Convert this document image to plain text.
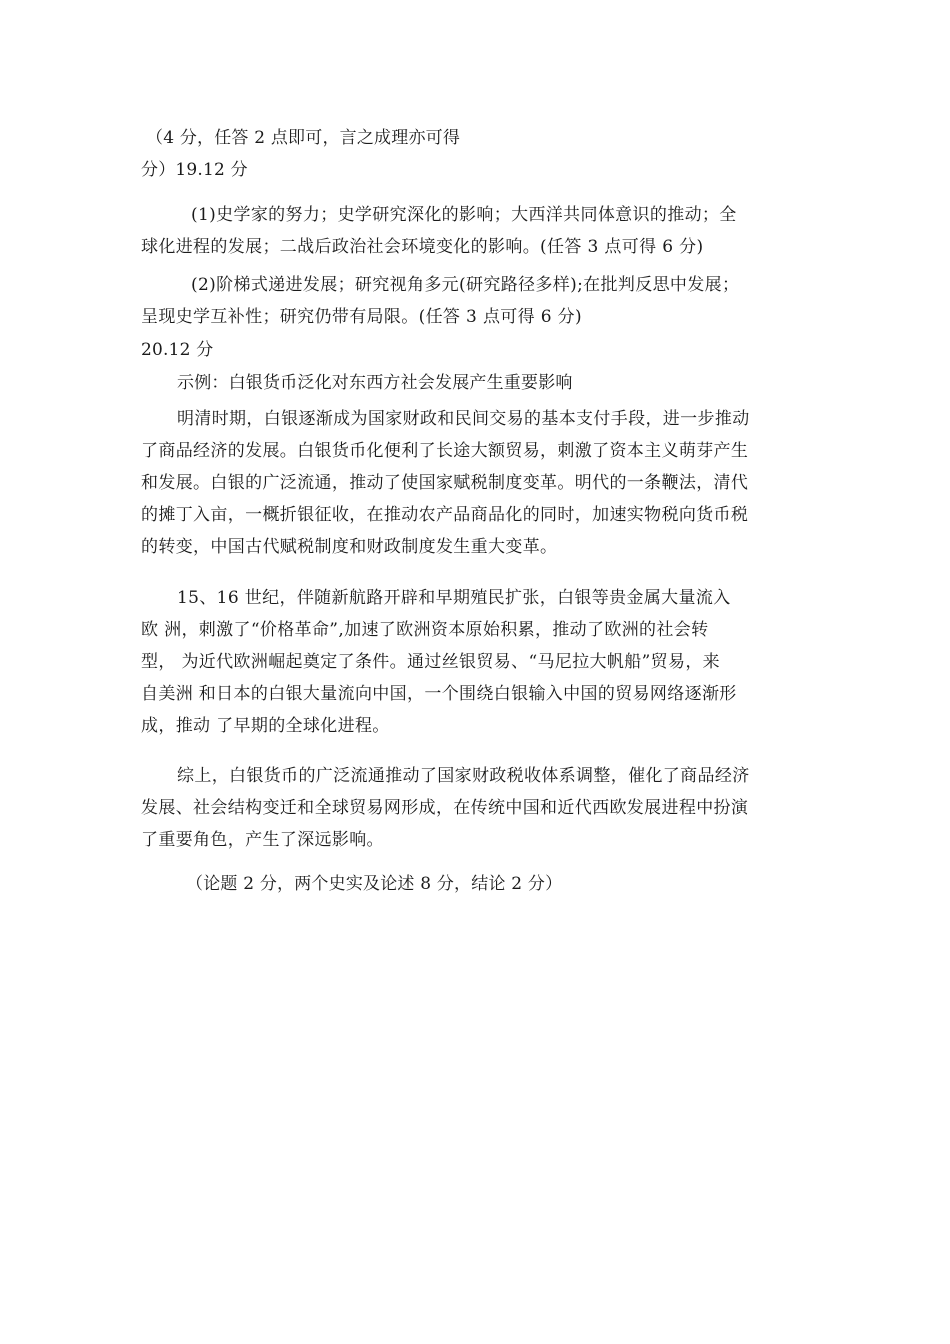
（4 分，任答 2 点即可，言之成理亦可得
分）19.12 分
(1)史学家的努力；史学研究深化的影响；大西洋共同体意识的推动；全
球化进程的发展；二战后政治社会环境变化的影响。(任答 3 点可得 6 分)
(2)阶梯式递进发展；研究视角多元(研究路径多样);在批判反思中发展；
呈现史学互补性；研究仍带有局限。(任答 3 点可得 6 分)
20.12 分
示例：白银货币泛化对东西方社会发展产生重要影响
明清时期，白银逐渐成为国家财政和民间交易的基本支付手段，进一步推动
了商品经济的发展。白银货币化便利了长途大额贸易，刺激了资本主义萌芽产生
和发展。白银的广泛流通，推动了使国家赋税制度变革。明代的一条鞭法，清代
的摊丁入亩，一概折银征收，在推动农产品商品化的同时，加速实物税向货币税
的转变，中国古代赋税制度和财政制度发生重大变革。
15、16 世纪，伴随新航路开辟和早期殖民扩张，白银等贵金属大量流入
欧 洲，刺激了“价格革命”,加速了欧洲资本原始积累，推动了欧洲的社会转
型， 为近代欧洲崛起奠定了条件。通过丝银贸易、“马尼拉大帆船”贸易，来
自美洲 和日本的白银大量流向中国，一个围绕白银输入中国的贸易网络逐渐形
成，推动 了早期的全球化进程。
综上，白银货币的广泛流通推动了国家财政税收体系调整，催化了商品经济
发展、社会结构变迁和全球贸易网形成，在传统中国和近代西欧发展进程中扮演
了重要角色，产生了深远影响。
（论题 2 分，两个史实及论述 8 分，结论 2 分）
